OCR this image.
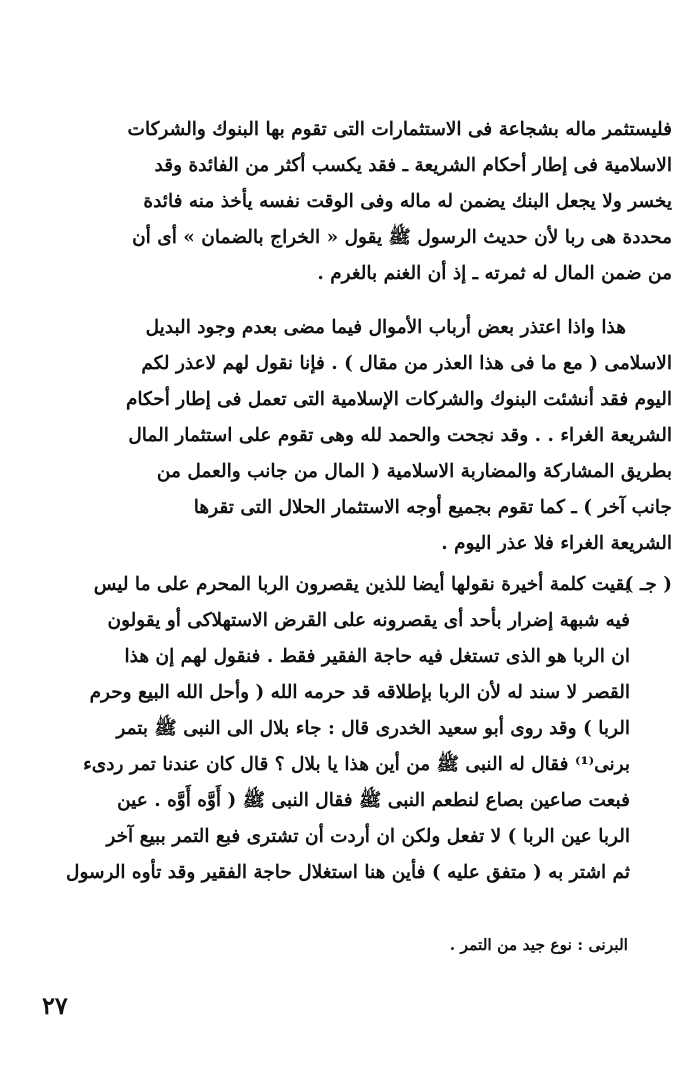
فليستثمر ماله بشجاعة فى الاستثمارات التى تقوم بها البنوك والشركات
الاسلامية فى إطار أحكام الشريعة ـ فقد يكسب أكثر من الفائدة وقد
يخسر ولا يجعل البنك يضمن له ماله وفى الوقت نفسه يأخذ منه فائدة
محددة هى ربا لأن حديث الرسول ﷺ يقول « الخراج بالضمان » أى أن
من ضمن المال له ثمرته ـ إذ أن الغنم بالغرم .
هذا واذا اعتذر بعض أرباب الأموال فيما مضى بعدم وجود البديل
الاسلامى ( مع ما فى هذا العذر من مقال ) . فإنا نقول لهم لاعذر لكم
اليوم فقد أنشئت البنوك والشركات الإسلامية التى تعمل فى إطار أحكام
الشريعة الغراء . . وقد نجحت والحمد لله وهى تقوم على استثمار المال
بطريق المشاركة والمضاربة الاسلامية ( المال من جانب والعمل من
جانب آخر ) ـ كما تقوم بجميع أوجه الاستثمار الحلال التى تقرها
الشريعة الغراء فلا عذر اليوم .
( جـ )
بقيت كلمة أخيرة نقولها أيضا للذين يقصرون الربا المحرم على ما ليس
فيه شبهة إضرار بأحد أى يقصرونه على القرض الاستهلاكى أو يقولون
ان الربا هو الذى تستغل فيه حاجة الفقير فقط . فنقول لهم إن هذا
القصر لا سند له لأن الربا بإطلاقه قد حرمه الله ( وأحل الله البيع وحرم
الربا ) وقد روى أبو سعيد الخدرى قال : جاء بلال الى النبى ﷺ بتمر
برنى⁽¹⁾ فقال له النبى ﷺ من أين هذا يا بلال ؟ قال كان عندنا تمر ردىء
فبعت صاعين بصاع لنطعم النبى ﷺ فقال النبى ﷺ ( أَوَّه أَوَّه . عين
الربا عين الربا ) لا تفعل ولكن ان أردت أن تشترى فبع التمر ببيع آخر
ثم اشتر به ( متفق عليه ) فأين هنا استغلال حاجة الفقير وقد تأوه الرسول
البرنى : نوع جيد من التمر .
٢٧
